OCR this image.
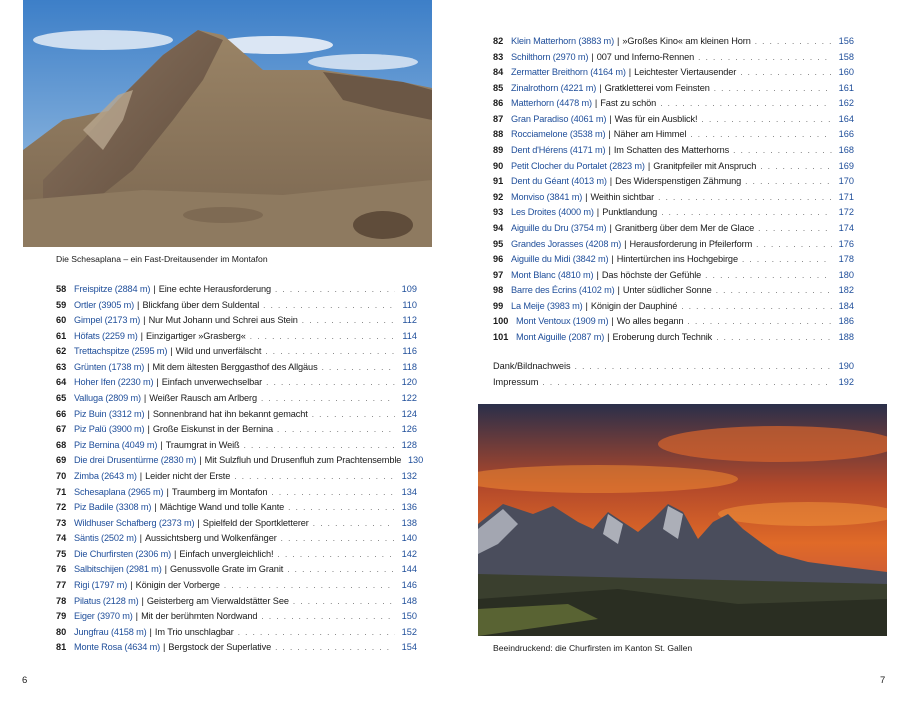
Die Schesaplana – ein Fast-Dreitausender im Montafon
58 Freispitze (2884 m) | Eine echte Herausforderung . . .	109
59 Ortler (3905 m) | Blickfang über dem Suldental . . .	110
60 Gimpel (2173 m) | Nur Mut Johann und Schrei aus Stein . . .	112
61 Höfats (2259 m) | Einzigartiger »Grasberg« . . .	114
62 Trettachspitze (2595 m) | Wild und unverfälscht . . .	116
63 Grünten (1738 m) | Mit dem ältesten Berggasthof des Allgäus . . .	118
64 Hoher Ifen (2230 m) | Einfach unverwechselbar . . .	120
65 Valluga (2809 m) | Weißer Rausch am Arlberg . . .	122
66 Piz Buin (3312 m) | Sonnenbrand hat ihn bekannt gemacht . . .	124
67 Piz Palü (3900 m) | Große Eiskunst in der Bernina . . .	126
68 Piz Bernina (4049 m) | Traumgrat in Weiß . . .	128
69 Die drei Drusentürme (2830 m) | Mit Sulzfluh und Drusenfluh zum Prachtensemble 130
70 Zimba (2643 m) | Leider nicht der Erste . . .	132
71 Schesaplana (2965 m) | Traumberg im Montafon . . .	134
72 Piz Badile (3308 m) | Mächtige Wand und tolle Kante . . .	136
73 Wildhuser Schafberg (2373 m) | Spielfeld der Sportkletterer . . .	138
74 Säntis (2502 m) | Aussichtsberg und Wolkenfänger . . .	140
75 Die Churfirsten (2306 m) | Einfach unvergleichlich! . . .	142
76 Salbitschijen (2981 m) | Genussvolle Grate im Granit . . .	144
77 Rigi (1797 m) | Königin der Vorberge . . .	146
78 Pilatus (2128 m) | Geisterberg am Vierwaldstätter See . . .	148
79 Eiger (3970 m) | Mit der berühmten Nordwand . . .	150
80 Jungfrau (4158 m) | Im Trio unschlagbar . . .	152
81 Monte Rosa (4634 m) | Bergstock der Superlative . . .	154
6
82 Klein Matterhorn (3883 m) | »Großes Kino« am kleinen Horn . . .	156
83 Schilthorn (2970 m) | 007 und Inferno-Rennen . . .	158
84 Zermatter Breithorn (4164 m) | Leichtester Viertausender . . .	160
85 Zinalrothorn (4221 m) | Gratkletterei vom Feinsten . . .	161
86 Matterhorn (4478 m) | Fast zu schön . . .	162
87 Gran Paradiso (4061 m) | Was für ein Ausblick! . . .	164
88 Rocciamelone (3538 m) | Näher am Himmel . . .	166
89 Dent d'Hérens (4171 m) | Im Schatten des Matterhorns . . .	168
90 Petit Clocher du Portalet (2823 m) | Granitpfeiler mit Anspruch . . .	169
91 Dent du Géant (4013 m) | Des Widerspenstigen Zähmung . . .	170
92 Monviso (3841 m) | Weithin sichtbar . . .	171
93 Les Droites (4000 m) | Punktlandung . . .	172
94 Aiguille du Dru (3754 m) | Granitberg über dem Mer de Glace . . .	174
95 Grandes Jorasses (4208 m) | Herausforderung in Pfeilerform . . .	176
96 Aiguille du Midi (3842 m) | Hintertürchen ins Hochgebirge . . .	178
97 Mont Blanc (4810 m) | Das höchste der Gefühle . . .	180
98 Barre des Écrins (4102 m) | Unter südlicher Sonne . . .	182
99 La Meije (3983 m) | Königin der Dauphiné . . .	184
100 Mont Ventoux (1909 m) | Wo alles begann . . .	186
101 Mont Aiguille (2087 m) | Eroberung durch Technik . . .	188
Dank/Bildnachweis . . .	190
Impressum . . .	192
Beeindruckend: die Churfirsten im Kanton St. Gallen
7
